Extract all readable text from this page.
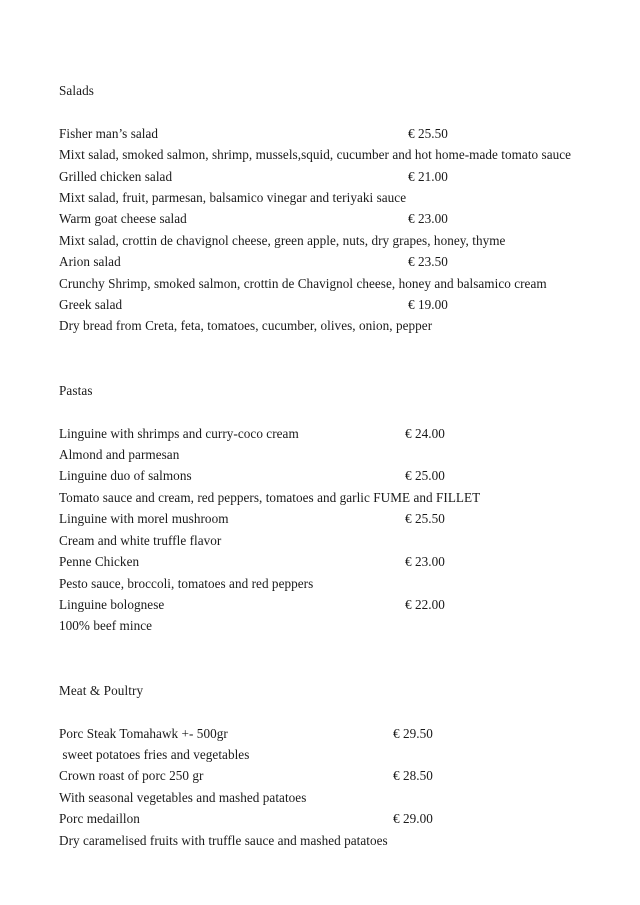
Salads
Fisher man’s salad	€ 25.50
Mixt salad, smoked salmon, shrimp, mussels,squid, cucumber and hot home-made tomato sauce
Grilled chicken salad	€ 21.00
Mixt salad, fruit, parmesan, balsamico vinegar and teriyaki sauce
Warm goat cheese salad	€ 23.00
Mixt salad, crottin de chavignol cheese, green apple, nuts, dry grapes, honey, thyme
Arion salad	€ 23.50
Crunchy Shrimp, smoked salmon, crottin de Chavignol cheese, honey and balsamico cream
Greek salad	€ 19.00
Dry bread from Creta, feta, tomatoes, cucumber, olives, onion, pepper
Pastas
Linguine with shrimps and curry-coco cream	€ 24.00
Almond and parmesan
Linguine duo of salmons	€ 25.00
Tomato sauce and cream, red peppers, tomatoes and garlic FUME and FILLET
Linguine with morel mushroom	€ 25.50
Cream and white truffle flavor
Penne Chicken	€ 23.00
Pesto sauce, broccoli, tomatoes and red peppers
Linguine bolognese	€ 22.00
100% beef mince
Meat & Poultry
Porc Steak Tomahawk +- 500gr	€ 29.50
sweet potatoes fries and vegetables
Crown roast of porc 250 gr	€ 28.50
With seasonal vegetables and mashed patatoes
Porc medaillon	€ 29.00
Dry caramelised fruits with truffle sauce and mashed patatoes
